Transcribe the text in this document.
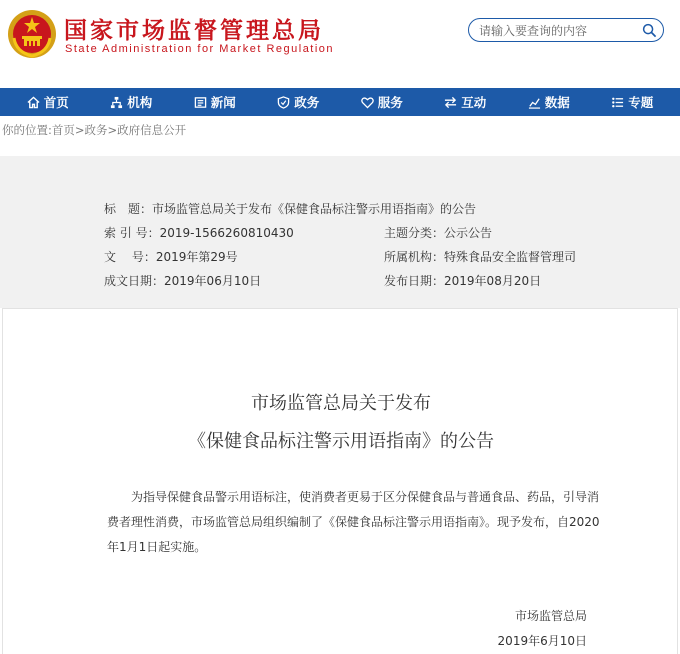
国家市场监督管理总局
State Administration for Market Regulation
请输入要查询的内容
首页	机构	新闻	政务	服务	互动	数据	专题
你的位置:首页>政务>政府信息公开
标　题：市场监管总局关于发布《保健食品标注警示用语指南》的公告
索 引 号：2019-1566260810430	主题分类：公示公告
文　 号：2019年第29号	所属机构：特殊食品安全监督管理司
成文日期：2019年06月10日	发布日期：2019年08月20日
市场监管总局关于发布
《保健食品标注警示用语指南》的公告
为指导保健食品警示用语标注，使消费者更易于区分保健食品与普通食品、药品，引导消费者理性消费，市场监管总局组织编制了《保健食品标注警示用语指南》。现予发布，自2020年1月1日起实施。
市场监管总局
2019年6月10日
